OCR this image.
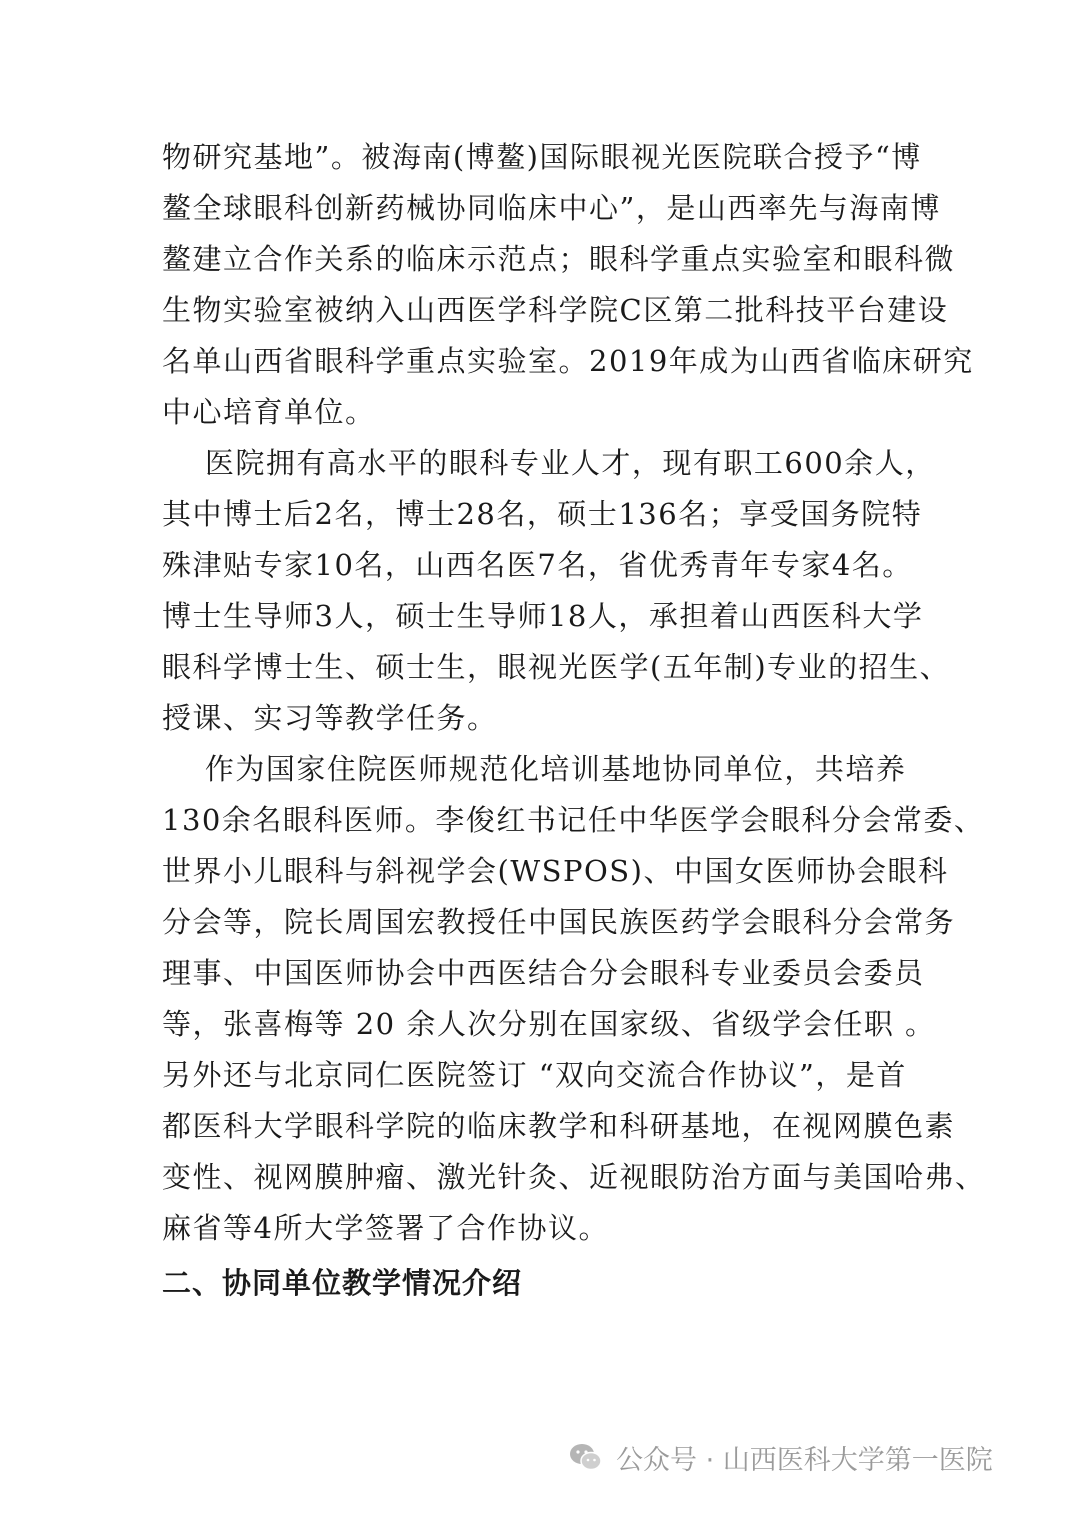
物研究基地”。被海南(博鳌)国际眼视光医院联合授予“博
鳌全球眼科创新药械协同临床中心”，是山西率先与海南博
鳌建立合作关系的临床示范点；眼科学重点实验室和眼科微
生物实验室被纳入山西医学科学院C区第二批科技平台建设
名单山西省眼科学重点实验室。2019年成为山西省临床研究
中心培育单位。
医院拥有高水平的眼科专业人才，现有职工600余人，
其中博士后2名，博士28名，硕士136名；享受国务院特
殊津贴专家10名，山西名医7名，省优秀青年专家4名。
博士生导师3人，硕士生导师18人，承担着山西医科大学
眼科学博士生、硕士生，眼视光医学(五年制)专业的招生、
授课、实习等教学任务。
作为国家住院医师规范化培训基地协同单位，共培养
130余名眼科医师。李俊红书记任中华医学会眼科分会常委、
世界小儿眼科与斜视学会(WSPOS)、中国女医师协会眼科
分会等，院长周国宏教授任中国民族医药学会眼科分会常务
理事、中国医师协会中西医结合分会眼科专业委员会委员
等，张喜梅等 20 余人次分别在国家级、省级学会任职 。
另外还与北京同仁医院签订 “双向交流合作协议”，是首
都医科大学眼科学院的临床教学和科研基地，在视网膜色素
变性、视网膜肿瘤、激光针灸、近视眼防治方面与美国哈弗、
麻省等4所大学签署了合作协议。
二、协同单位教学情况介绍
公众号 · 山西医科大学第一医院
